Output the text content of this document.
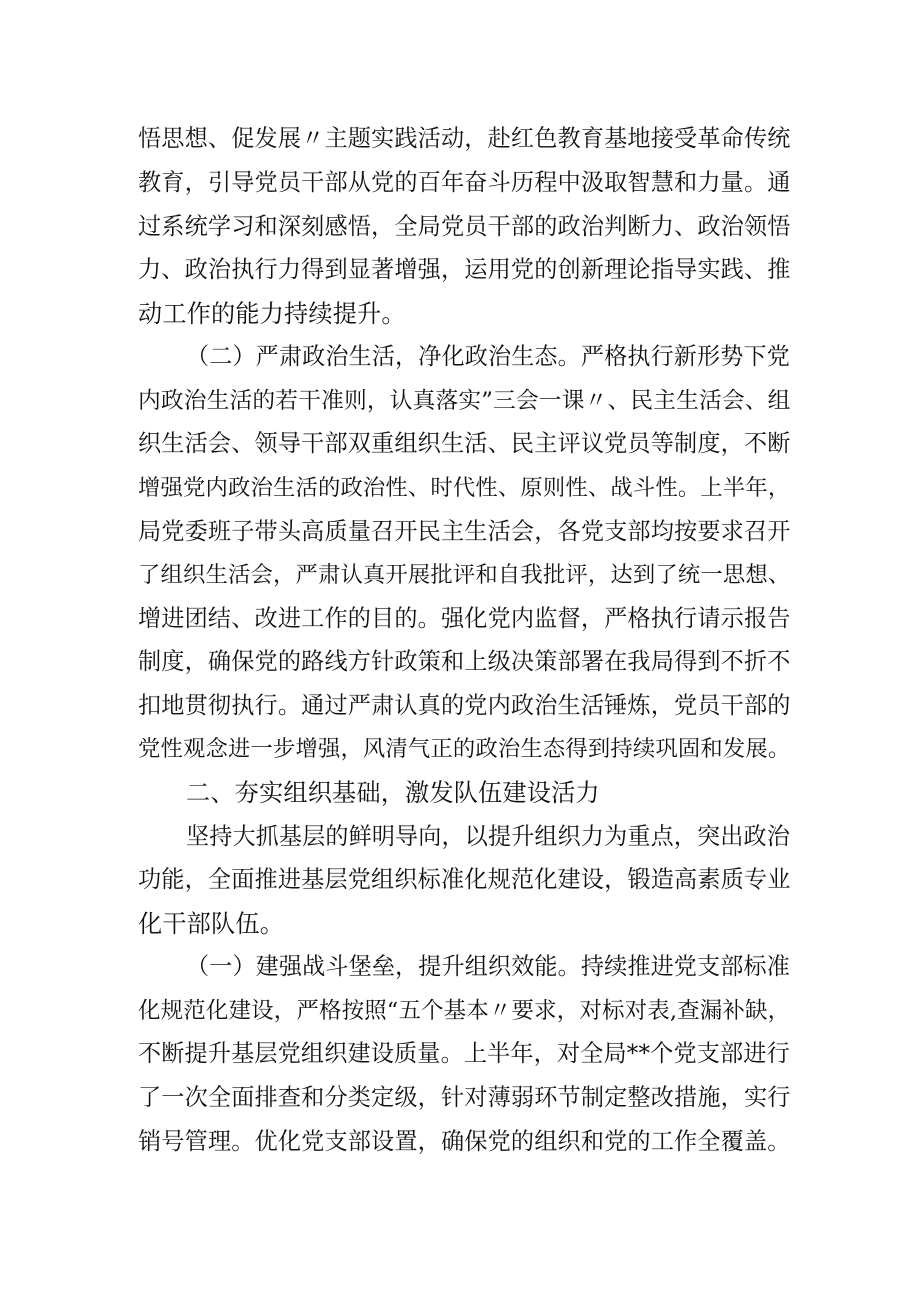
悟思想、促发展〃主题实践活动，赴红色教育基地接受革命传统

教育，引导党员干部从党的百年奋斗历程中汲取智慧和力量。通

过系统学习和深刻感悟，全局党员干部的政治判断力、政治领悟

力、政治执行力得到显著增强，运用党的创新理论指导实践、推

动工作的能力持续提升。

（二）严肃政治生活，净化政治生态。严格执行新形势下党

内政治生活的若干准则，认真落实”三会一课〃、民主生活会、组

织生活会、领导干部双重组织生活、民主评议党员等制度，不断

增强党内政治生活的政治性、时代性、原则性、战斗性。上半年，

局党委班子带头高质量召开民主生活会，各党支部均按要求召开

了组织生活会，严肃认真开展批评和自我批评，达到了统一思想、

增进团结、改进工作的目的。强化党内监督，严格执行请示报告

制度，确保党的路线方针政策和上级决策部署在我局得到不折不

扣地贯彻执行。通过严肃认真的党内政治生活锤炼，党员干部的

党性观念进一步增强，风清气正的政治生态得到持续巩固和发展。

二、夯实组织基础，激发队伍建设活力

坚持大抓基层的鲜明导向，以提升组织力为重点，突出政治

功能，全面推进基层党组织标准化规范化建设，锻造高素质专业

化干部队伍。

（一）建强战斗堡垒，提升组织效能。持续推进党支部标准

化规范化建设，严格按照“五个基本〃要求，对标对表,查漏补缺，

不断提升基层党组织建设质量。上半年，对全局**个党支部进行

了一次全面排查和分类定级，针对薄弱环节制定整改措施，实行

销号管理。优化党支部设置，确保党的组织和党的工作全覆盖。
